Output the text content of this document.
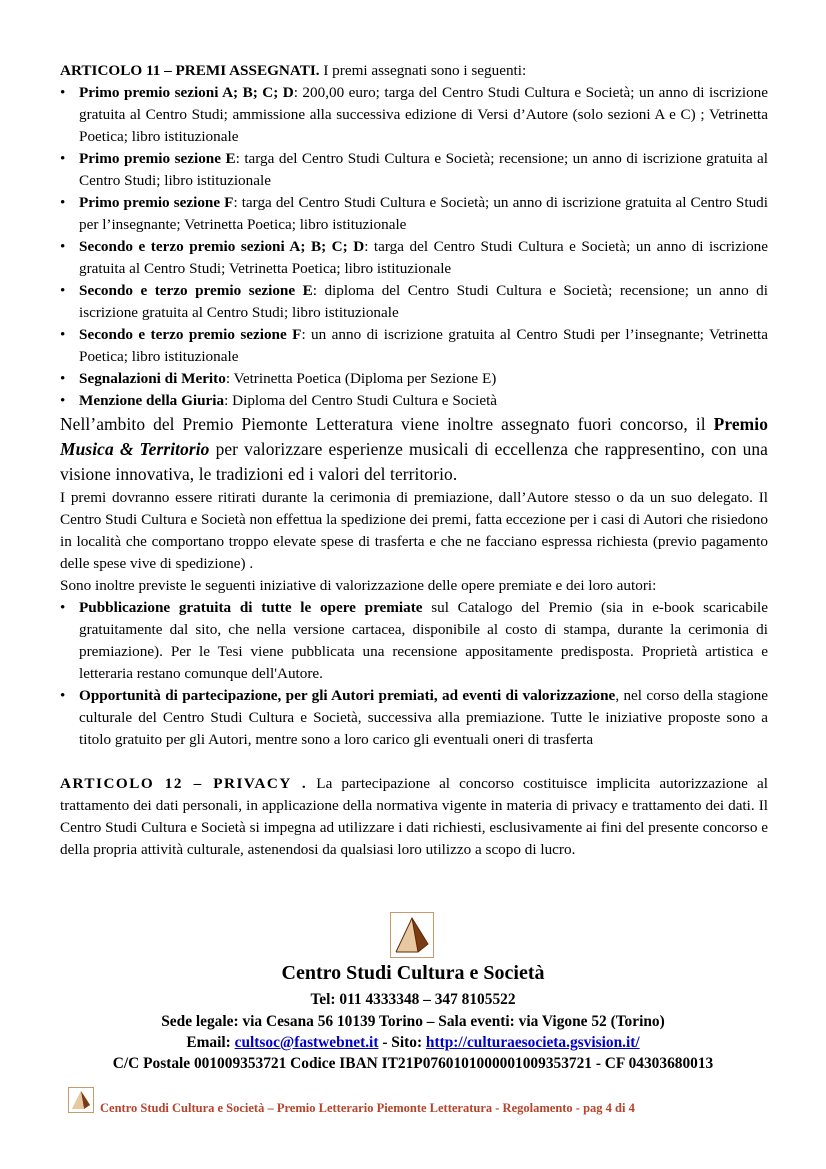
ARTICOLO 11 – PREMI ASSEGNATI. I premi assegnati sono i seguenti:

• Primo premio sezioni A; B; C; D: 200,00 euro; targa del Centro Studi Cultura e Società; un anno di iscrizione gratuita al Centro Studi; ammissione alla successiva edizione di Versi d’Autore (solo sezioni A e C) ; Vetrinetta Poetica; libro istituzionale
• Primo premio sezione E: targa del Centro Studi Cultura e Società; recensione; un anno di iscrizione gratuita al Centro Studi; libro istituzionale
• Primo premio sezione F: targa del Centro Studi Cultura e Società; un anno di iscrizione gratuita al Centro Studi per l’insegnante; Vetrinetta Poetica; libro istituzionale
• Secondo e terzo premio sezioni A; B; C; D: targa del Centro Studi Cultura e Società; un anno di iscrizione gratuita al Centro Studi; Vetrinetta Poetica; libro istituzionale
• Secondo e terzo premio sezione E: diploma del Centro Studi Cultura e Società; recensione; un anno di iscrizione gratuita al Centro Studi; libro istituzionale
• Secondo e terzo premio sezione F: un anno di iscrizione gratuita al Centro Studi per l’insegnante; Vetrinetta Poetica; libro istituzionale
• Segnalazioni di Merito: Vetrinetta Poetica (Diploma per Sezione E)
• Menzione della Giuria: Diploma del Centro Studi Cultura e Società

Nell’ambito del Premio Piemonte Letteratura viene inoltre assegnato fuori concorso, il Premio Musica & Territorio per valorizzare esperienze musicali di eccellenza che rappresentino, con una visione innovativa, le tradizioni ed i valori del territorio.

I premi dovranno essere ritirati durante la cerimonia di premiazione, dall’Autore stesso o da un suo delegato. Il Centro Studi Cultura e Società non effettua la spedizione dei premi, fatta eccezione per i casi di Autori che risiedono in località che comportano troppo elevate spese di trasferta e che ne facciano espressa richiesta (previo pagamento delle spese vive di spedizione) .

Sono inoltre previste le seguenti iniziative di valorizzazione delle opere premiate e dei loro autori:

• Pubblicazione gratuita di tutte le opere premiate sul Catalogo del Premio (sia in e-book scaricabile gratuitamente dal sito, che nella versione cartacea, disponibile al costo di stampa, durante la cerimonia di premiazione). Per le Tesi viene pubblicata una recensione appositamente predisposta. Proprietà artistica e letteraria restano comunque dell'Autore.
• Opportunità di partecipazione, per gli Autori premiati, ad eventi di valorizzazione, nel corso della stagione culturale del Centro Studi Cultura e Società, successiva alla premiazione. Tutte le iniziative proposte sono a titolo gratuito per gli Autori, mentre sono a loro carico gli eventuali oneri di trasferta

ARTICOLO 12 – PRIVACY . La partecipazione al concorso costituisce implicita autorizzazione al trattamento dei dati personali, in applicazione della normativa vigente in materia di privacy e trattamento dei dati. Il Centro Studi Cultura e Società si impegna ad utilizzare i dati richiesti, esclusivamente ai fini del presente concorso e della propria attività culturale, astenendosi da qualsiasi loro utilizzo a scopo di lucro.

Centro Studi Cultura e Società
Tel: 011 4333348 – 347 8105522
Sede legale: via Cesana 56 10139 Torino – Sala eventi: via Vigone 52 (Torino)
Email: cultsoc@fastwebnet.it - Sito: http://culturaesocieta.gsvision.it/
C/C Postale 001009353721 Codice IBAN IT21P0760101000001009353721 - CF 04303680013
Centro Studi Cultura e Società – Premio Letterario Piemonte Letteratura - Regolamento - pag 4 di 4
